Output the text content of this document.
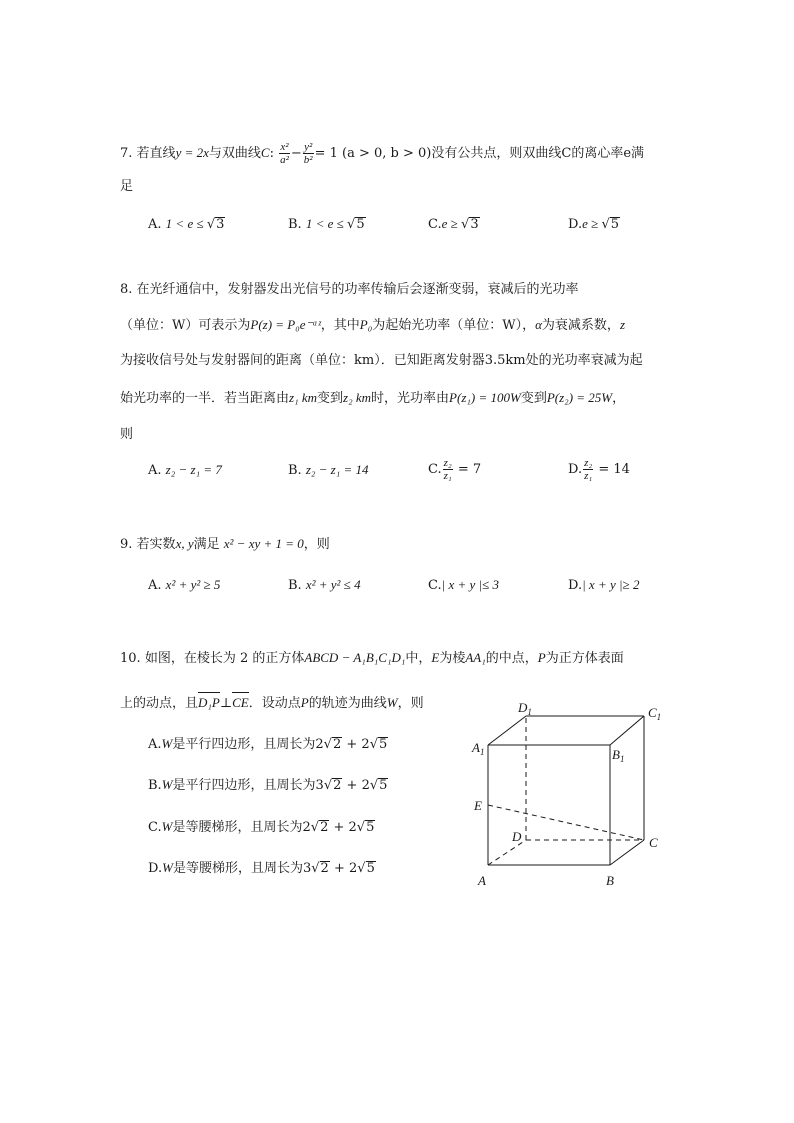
7. 若直线y = 2x与双曲线C: $\frac{\text{x²}}{\text{a²}} - \frac{\text{y²}}{\text{b²}} = 1$ (a > 0, b > 0)没有公共点，则双曲线C的离心率e满
足
A. 1 < e ≤ √3	B. 1 < e ≤ √5	C.e ≥ √3	D.e ≥ √5
8. 在光纤通信中，发射器发出光信号的功率传输后会逐渐变弱，衰减后的光功率
（单位：W）可表示为P(z) = P₀e⁻ᵅᶻ，其中P₀为起始光功率（单位：W），α为衰减系数，z
为接收信号处与发射器间的距离（单位：km）．已知距离发射器3.5km处的光功率衰减为起
始光功率的一半．若当距离由z₁ km变到z₂ km时，光功率由P(z₁) = 100W变到P(z₂) = 25W，
则
A. z₂ − z₁ = 7	B. z₂ − z₁ = 14	C. $\frac{\text{z₂}}{\text{z₁}} = 7$	D. $\frac{\text{z₂}}{\text{z₁}} = 14$
9. 若实数x, y满足 x² − xy + 1 = 0，则
A. x² + y² ≥ 5	B. x² + y² ≤ 4	C.| x + y |≤ 3	D.| x + y |≥ 2
10. 如图，在棱长为 2 的正方体ABCD − A₁B₁C₁D₁中，E为棱AA₁的中点，P为正方体表面
上的动点，且D₁P⊥CE．设动点P的轨迹为曲线W，则
A.W是平行四边形，且周长为2√2 + 2√5
B.W是平行四边形，且周长为3√2 + 2√5
C.W是等腰梯形，且周长为2√2 + 2√5
D.W是等腰梯形，且周长为3√2 + 2√5
A	B
C
D
E
$A_1$	$B_1$
$C_1$
$D_1$
